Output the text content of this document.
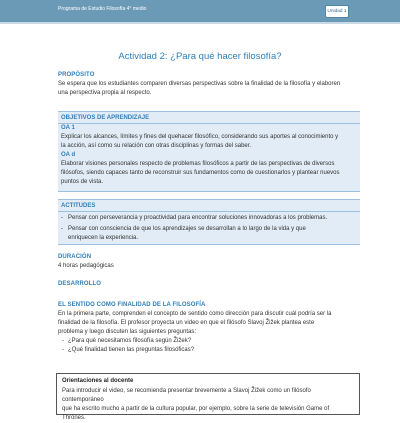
Programa de Estudio Filosofía 4° medio	Unidad 1
Actividad 2: ¿Para qué hacer filosofía?
PROPÓSITO
Se espera que los estudiantes comparen diversas perspectivas sobre la finalidad de la filosofía y elaboren
una perspectiva propia al respecto.
OBJETIVOS DE APRENDIZAJE
OA 1
Explicar los alcances, límites y fines del quehacer filosófico, considerando sus aportes al conocimiento y
la acción, así como su relación con otras disciplinas y formas del saber.
OA d
Elaborar visiones personales respecto de problemas filosóficos a partir de las perspectivas de diversos
filósofos, siendo capaces tanto de reconstruir sus fundamentos como de cuestionarlos y plantear nuevos
puntos de vista.
ACTITUDES
- Pensar con perseverancia y proactividad para encontrar soluciones innovadoras a los problemas.
- Pensar con consciencia de que los aprendizajes se desarrollan a lo largo de la vida y que
enriquecen la experiencia.
DURACIÓN
4 horas pedagógicas
DESARROLLO
EL SENTIDO COMO FINALIDAD DE LA FILOSOFÍA
En la primera parte, comprenden el concepto de sentido como dirección para discutir cuál podría ser la
finalidad de la filosofía. El profesor proyecta un video en que el filósofo Slavoj Žižek plantea este
problema y luego discuten las siguientes preguntas:
- ¿Para qué necesitamos filosofía según Žižek?
- ¿Qué finalidad tienen las preguntas filosóficas?
Orientaciones al docente
Para introducir el video, se recomienda presentar brevemente a Slavoj Žižek como un filósofo contemporáneo
que ha escrito mucho a partir de la cultura popular, por ejemplo, sobre la serie de televisión Game of Thrones.
